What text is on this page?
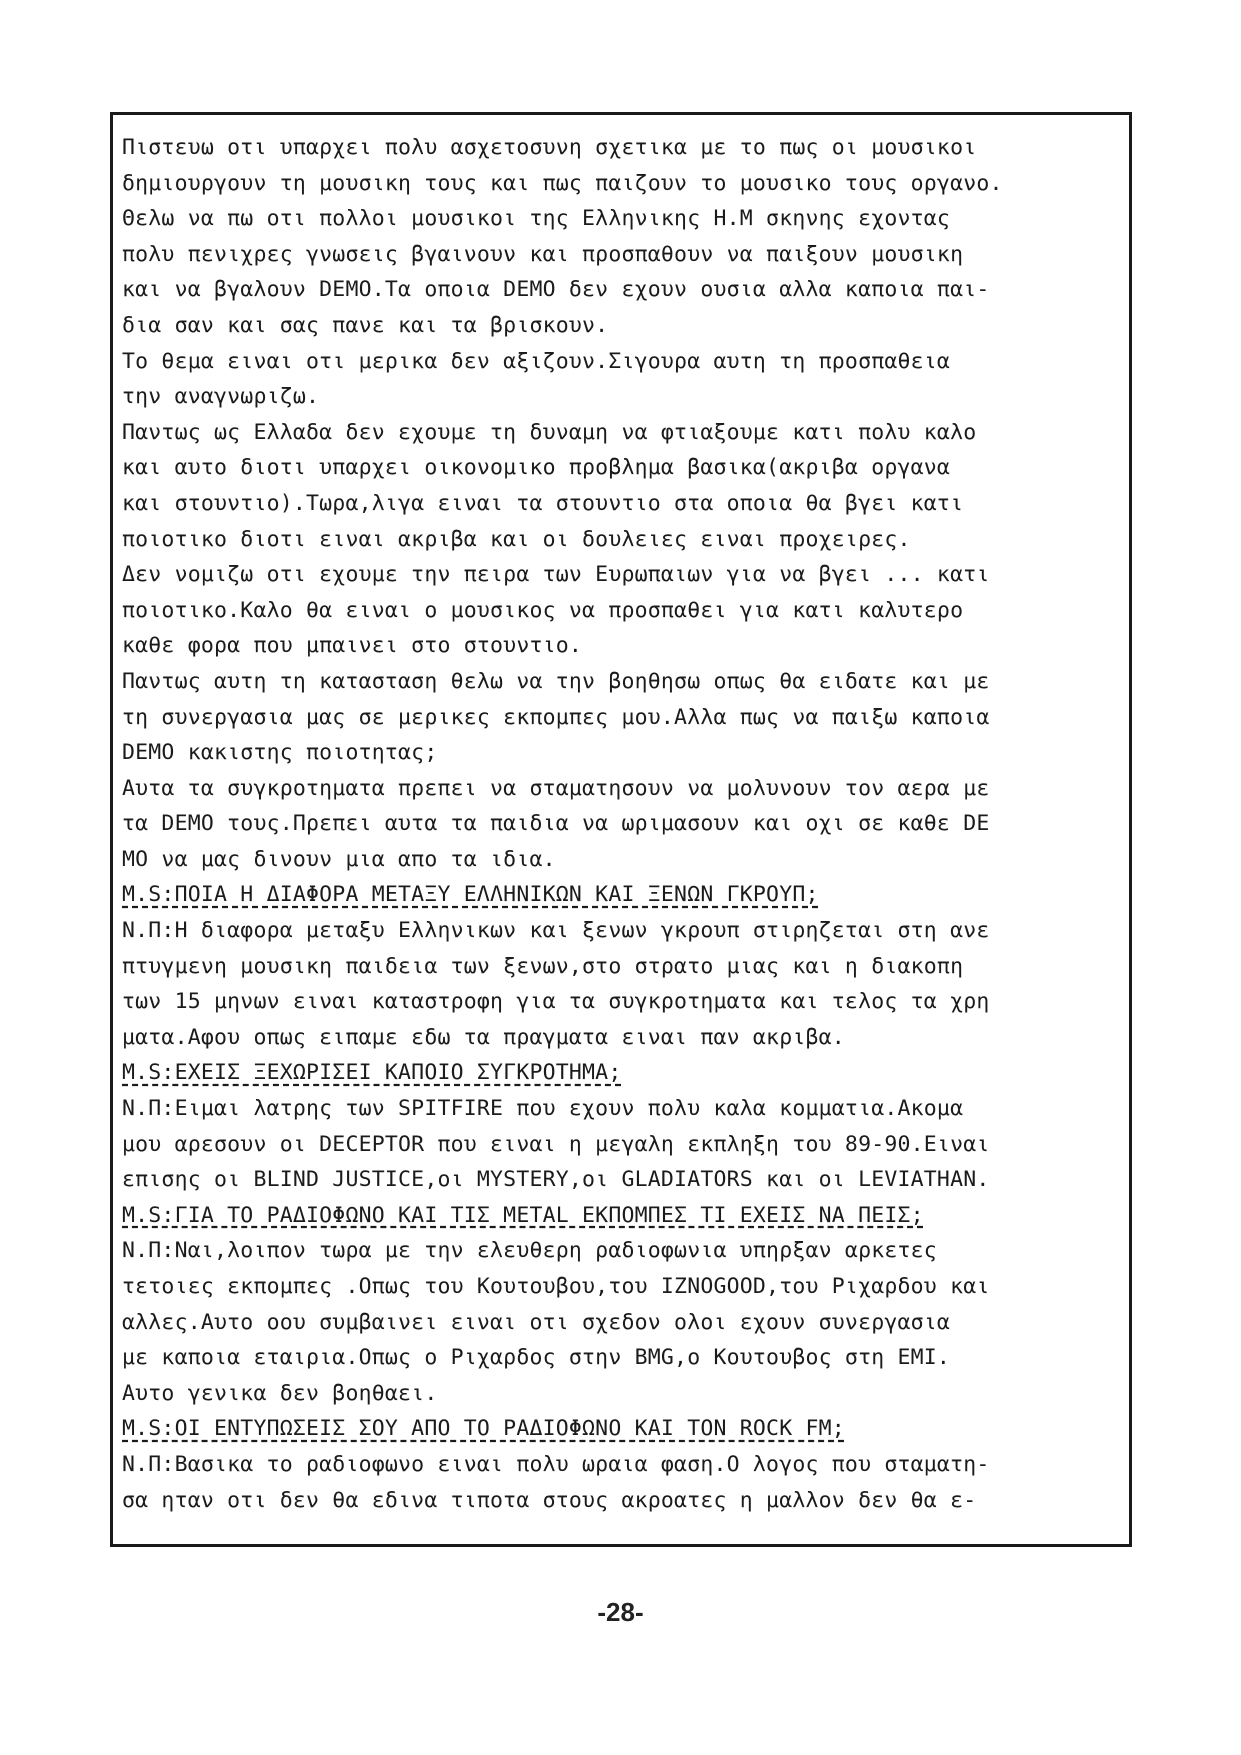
Πιστευω οτι υπαρχει πολυ ασχετοσυνη σχετικα με το πως οι μουσικοι
δημιουργουν τη μουσικη τους και πως παιζουν το μουσικο τους οργανο.
Θελω να πω οτι πολλοι μουσικοι της Ελληνικης Η.Μ σκηνης εχοντας
πολυ πενιχρες γνωσεις βγαινουν και προσπαθουν να παιξουν μουσικη
και να βγαλουν DEMO.Τα οποια DEMO δεν εχουν ουσια αλλα καποια παι-
δια σαν και σας πανε και τα βρισκουν.
Το θεμα ειναι οτι μερικα δεν αξιζουν.Σιγουρα αυτη τη προσπαθεια
την αναγνωριζω.
Παντως ως Ελλαδα δεν εχουμε τη δυναμη να φτιαξουμε κατι πολυ καλο
και αυτο διοτι υπαρχει οικονομικο προβλημα βασικα(ακριβα οργανα
και στουντιο).Τωρα,λιγα ειναι τα στουντιο στα οποια θα βγει κατι
ποιοτικο διοτι ειναι ακριβα και οι δουλειες ειναι προχειρες.
Δεν νομιζω οτι εχουμε την πειρα των Ευρωπαιων για να βγει ... κατι
ποιοτικο.Καλο θα ειναι ο μουσικος να προσπαθει για κατι καλυτερο
καθε φορα που μπαινει στο στουντιο.
Παντως αυτη τη κατασταση θελω να την βοηθησω οπως θα ειδατε και με
τη συνεργασια μας σε μερικες εκπομπες μου.Αλλα πως να παιξω καποια
DEMO κακιστης ποιοτητας;
Αυτα τα συγκροτηματα πρεπει να σταματησουν να μολυνουν τον αερα με
τα DEMO τους.Πρεπει αυτα τα παιδια να ωριμασουν και οχι σε καθε DE
MO να μας δινουν μια απο τα ιδια.
M.S:ΠΟΙΑ Η ΔΙΑΦΟΡΑ ΜΕΤΑΞΥ ΕΛΛΗΝΙΚΩΝ ΚΑΙ ΞΕΝΩΝ ΓΚΡΟΥΠ;
Ν.Π:Η διαφορα μεταξυ Ελληνικων και ξενων γκρουπ στιρηζεται στη ανε
πτυγμενη μουσικη παιδεια των ξενων,στο στρατο μιας και η διακοπη
των 15 μηνων ειναι καταστροφη για τα συγκροτηματα και τελος τα χρη
ματα.Αφου οπως ειπαμε εδω τα πραγματα ειναι παν ακριβα.
M.S:ΕΧΕΙΣ ΞΕΧΩΡΙΣΕΙ ΚΑΠΟΙΟ ΣΥΓΚΡΟΤΗΜΑ;
Ν.Π:Ειμαι λατρης των SPITFIRE που εχουν πολυ καλα κομματια.Ακομα
μου αρεσουν οι DECEPTOR που ειναι η μεγαλη εκπληξη του 89-90.Ειναι
επισης οι BLIND JUSTICE,οι MYSTERY,οι GLADIATORS και οι LEVIATHAN.
M.S:ΓΙΑ ΤΟ ΡΑΔΙΟΦΩΝΟ ΚΑΙ ΤΙΣ METAL ΕΚΠΟΜΠΕΣ ΤΙ ΕΧΕΙΣ ΝΑ ΠΕΙΣ;
Ν.Π:Ναι,λοιπον τωρα με την ελευθερη ραδιοφωνια υπηρξαν αρκετες
τετοιες εκπομπες .Οπως του Κουτουβου,του IZNOGOOD,του Ριχαρδου και
αλλες.Αυτο οου συμβαινει ειναι οτι σχεδον ολοι εχουν συνεργασια
με καποια εταιρια.Οπως ο Ριχαρδος στην BMG,ο Κουτουβος στη EMI.
Αυτο γενικα δεν βοηθαει.
M.S:ΟΙ ΕΝΤΥΠΩΣΕΙΣ ΣΟΥ ΑΠΟ ΤΟ ΡΑΔΙΟΦΩΝΟ ΚΑΙ ΤΟΝ ROCK FM;
Ν.Π:Βασικα το ραδιοφωνο ειναι πολυ ωραια φαση.Ο λογος που σταματη-
σα ηταν οτι δεν θα εδινα τιποτα στους ακροατες η μαλλον δεν θα ε-
-28-
